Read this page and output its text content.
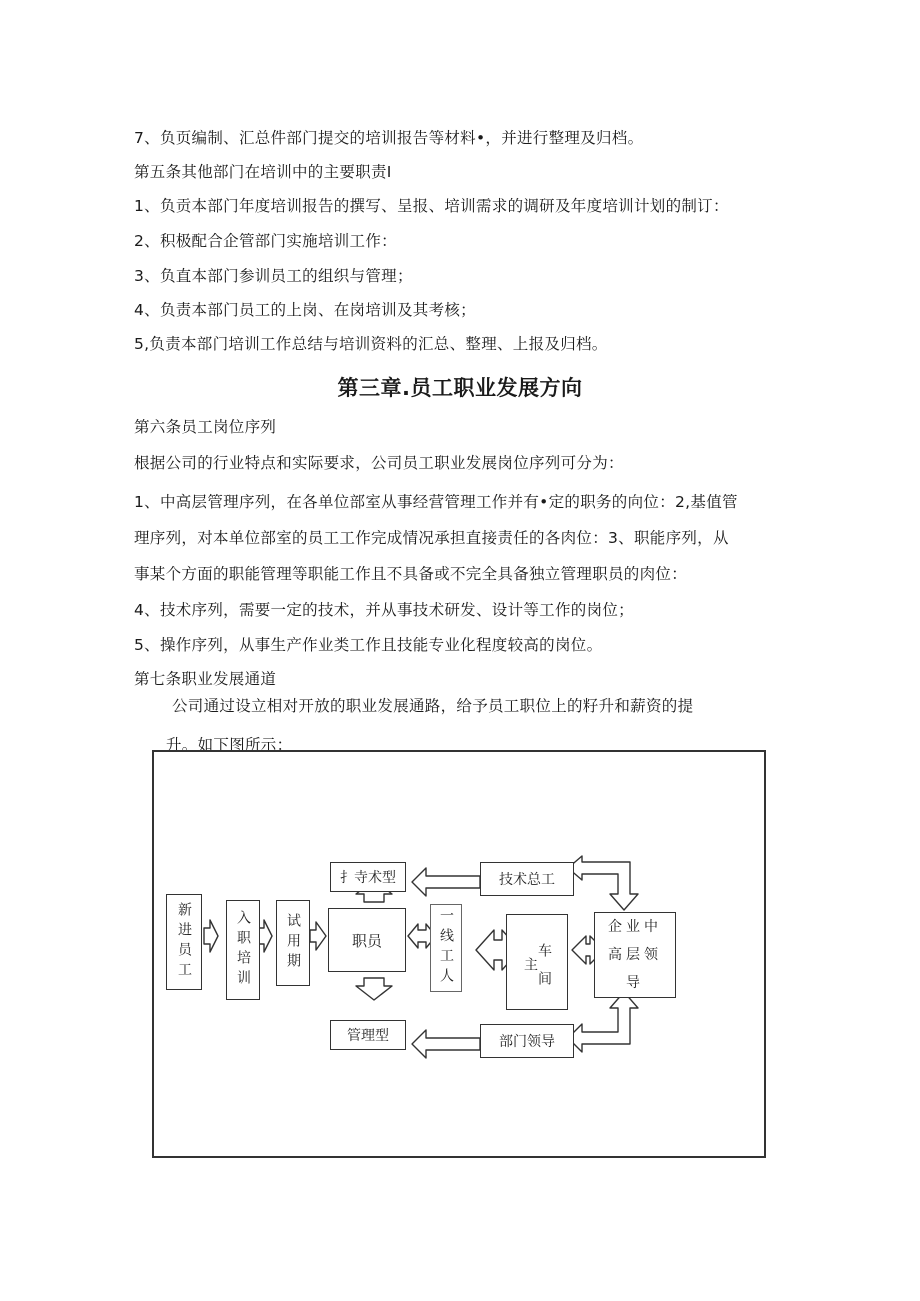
7、负页编制、汇总件部门提交的培训报告等材料•，并进行整理及归档。
第五条其他部门在培训中的主要职责I
1、负贡本部门年度培训报告的撰写、呈报、培训需求的调研及年度培训计划的制订：
2、积极配合企管部门实施培训工作：
3、负直本部门参训员工的组织与管理；
4、负责本部门员工的上岗、在岗培训及其考核；
5,负责本部门培训工作总结与培训资料的汇总、整理、上报及归档。
第三章.员工职业发展方向
第六条员工岗位序列
根据公司的行业特点和实际要求，公司员工职业发展岗位序列可分为：
1、中高层管理序列，在各单位部室从事经营管理工作并有•定的职务的向位：2,基值管
理序列，对本单位部室的员工工作完成情况承担直接责任的各肉位：3、职能序列，从
事某个方面的职能管理等职能工作且不具备或不完全具备独立管理职员的肉位：
4、技术序列，需要一定的技术，并从事技术研发、设计等工作的岗位；
5、操作序列，从事生产作业类工作且技能专业化程度较高的岗位。
第七条职业发展通道
公司通过设立相对开放的职业发展通路，给予员工职位上的籽升和薪资的提
升。如下图所示：
新进员工	入职培训 试用期
扌寺术型
职员
管理型
一线工人	车间主
技术总工
部门领导
企业中高层领导
